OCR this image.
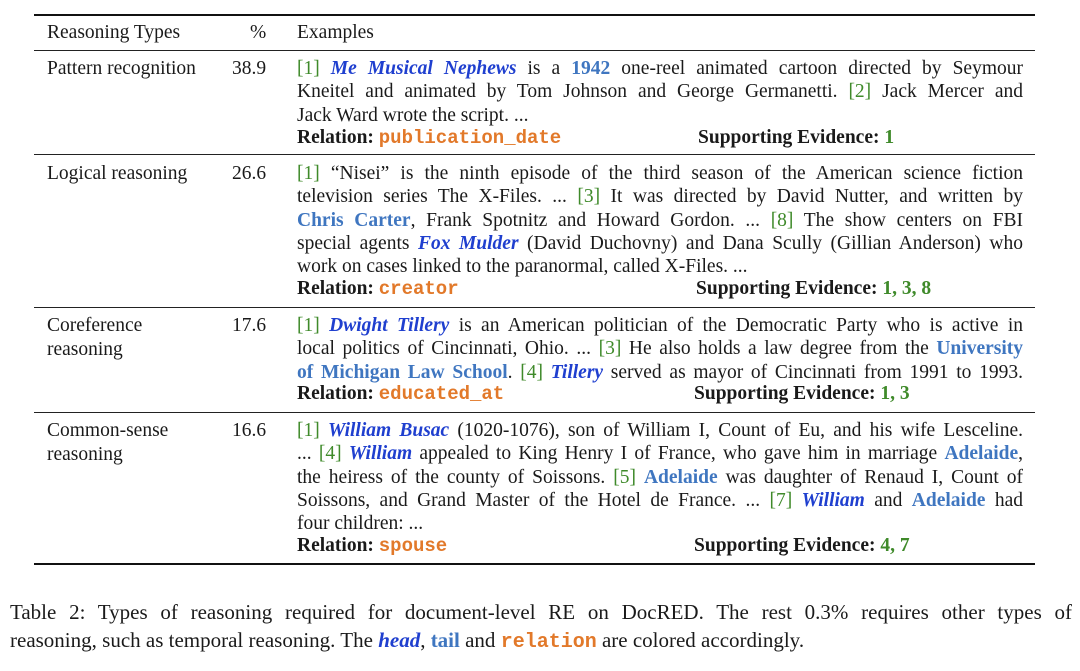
Reasoning Types	% Examples
Pattern recognition 38.9 [1] Me Musical Nephews is a 1942 one-reel animated cartoon directed by Seymour
Kneitel and animated by Tom Johnson and George Germanetti. [2] Jack Mercer and
Jack Ward wrote the script. ...
Relation: publication_date	Supporting Evidence: 1
Logical reasoning 26.6 [1] “Nisei” is the ninth episode of the third season of the American science fiction
television series The X-Files. ... [3] It was directed by David Nutter, and written by
Chris Carter, Frank Spotnitz and Howard Gordon. ... [8] The show centers on FBI
special agents Fox Mulder (David Duchovny) and Dana Scully (Gillian Anderson) who
work on cases linked to the paranormal, called X-Files. ...
Relation: creator	Supporting Evidence: 1, 3, 8
Coreference
reasoning
17.6 [1] Dwight Tillery is an American politician of the Democratic Party who is active in
local politics of Cincinnati, Ohio. ... [3] He also holds a law degree from the University
of Michigan Law School. [4] Tillery served as mayor of Cincinnati from 1991 to 1993.
Relation: educated_at	Supporting Evidence: 1, 3
Common-sense
reasoning
16.6 [1] William Busac (1020-1076), son of William I, Count of Eu, and his wife Lesceline.
... [4] William appealed to King Henry I of France, who gave him in marriage Adelaide,
the heiress of the county of Soissons. [5] Adelaide was daughter of Renaud I, Count of
Soissons, and Grand Master of the Hotel de France. ... [7] William and Adelaide had
four children: ...
Relation: spouse	Supporting Evidence: 4, 7
Table 2: Types of reasoning required for document-level RE on DocRED. The rest 0.3% requires other types of
reasoning, such as temporal reasoning. The head, tail and relation are colored accordingly.
